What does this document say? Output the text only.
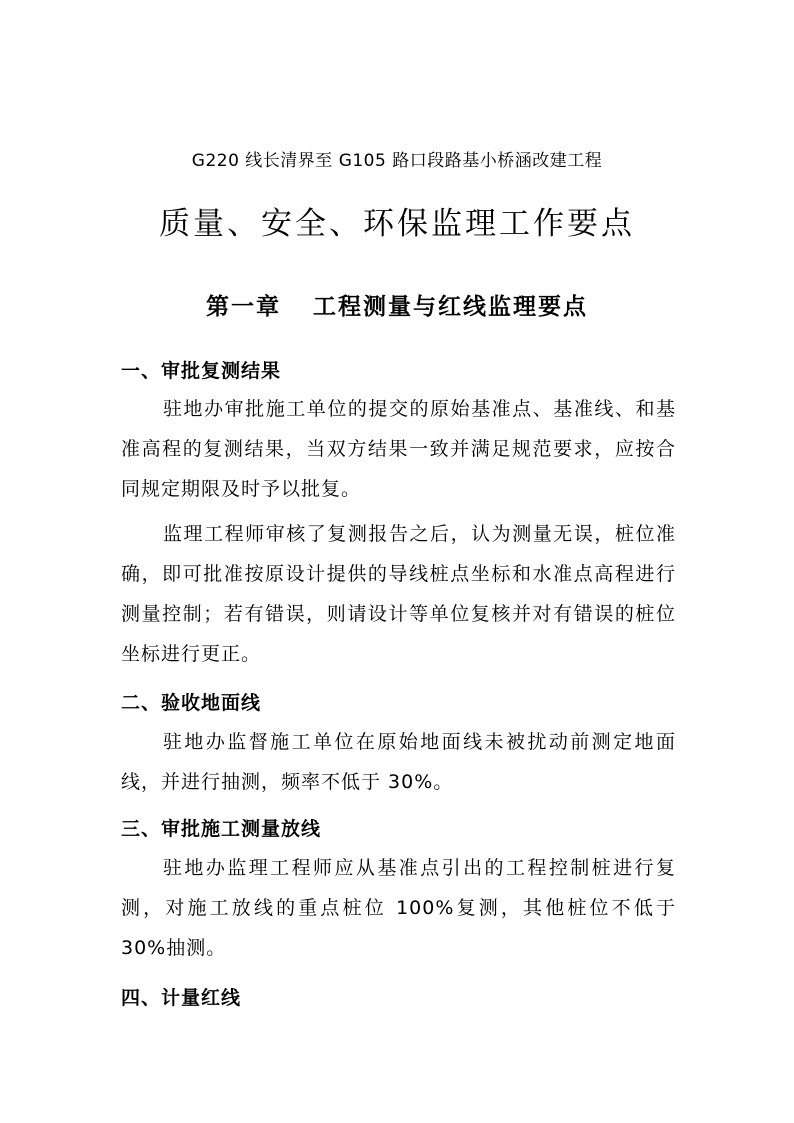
G220 线长清界至 G105 路口段路基小桥涵改建工程
质量、安全、环保监理工作要点
第一章 工程测量与红线监理要点
一、审批复测结果
驻地办审批施工单位的提交的原始基准点、基准线、和基准高程的复测结果，当双方结果一致并满足规范要求，应按合同规定期限及时予以批复。
监理工程师审核了复测报告之后，认为测量无误，桩位准确，即可批准按原设计提供的导线桩点坐标和水准点高程进行测量控制；若有错误，则请设计等单位复核并对有错误的桩位坐标进行更正。
二、验收地面线
驻地办监督施工单位在原始地面线未被扰动前测定地面线，并进行抽测，频率不低于 30%。
三、审批施工测量放线
驻地办监理工程师应从基准点引出的工程控制桩进行复测，对施工放线的重点桩位 100%复测，其他桩位不低于 30%抽测。
四、计量红线
